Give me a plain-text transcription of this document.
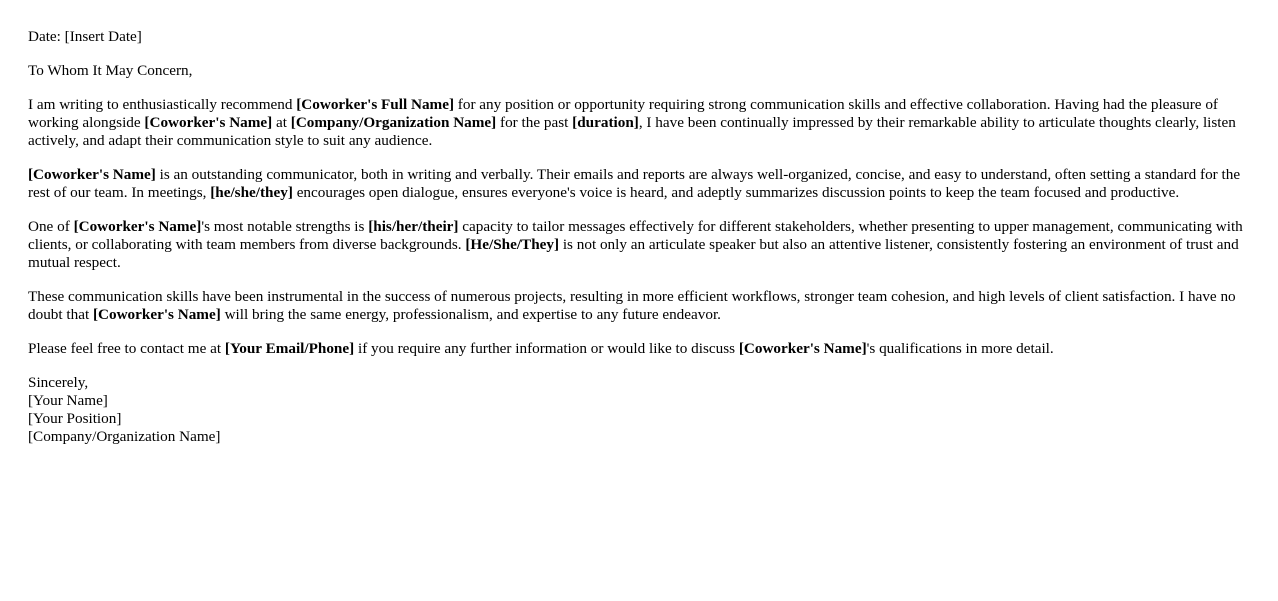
Date: [Insert Date]

To Whom It May Concern,

I am writing to enthusiastically recommend [Coworker's Full Name] for any position or opportunity requiring strong communication skills and effective collaboration. Having had the pleasure of working alongside [Coworker's Name] at [Company/Organization Name] for the past [duration], I have been continually impressed by their remarkable ability to articulate thoughts clearly, listen actively, and adapt their communication style to suit any audience.

[Coworker's Name] is an outstanding communicator, both in writing and verbally. Their emails and reports are always well-organized, concise, and easy to understand, often setting a standard for the rest of our team. In meetings, [he/she/they] encourages open dialogue, ensures everyone's voice is heard, and adeptly summarizes discussion points to keep the team focused and productive.

One of [Coworker's Name]'s most notable strengths is [his/her/their] capacity to tailor messages effectively for different stakeholders, whether presenting to upper management, communicating with clients, or collaborating with team members from diverse backgrounds. [He/She/They] is not only an articulate speaker but also an attentive listener, consistently fostering an environment of trust and mutual respect.

These communication skills have been instrumental in the success of numerous projects, resulting in more efficient workflows, stronger team cohesion, and high levels of client satisfaction. I have no doubt that [Coworker's Name] will bring the same energy, professionalism, and expertise to any future endeavor.

Please feel free to contact me at [Your Email/Phone] if you require any further information or would like to discuss [Coworker's Name]'s qualifications in more detail.

Sincerely,
[Your Name]
[Your Position]
[Company/Organization Name]
